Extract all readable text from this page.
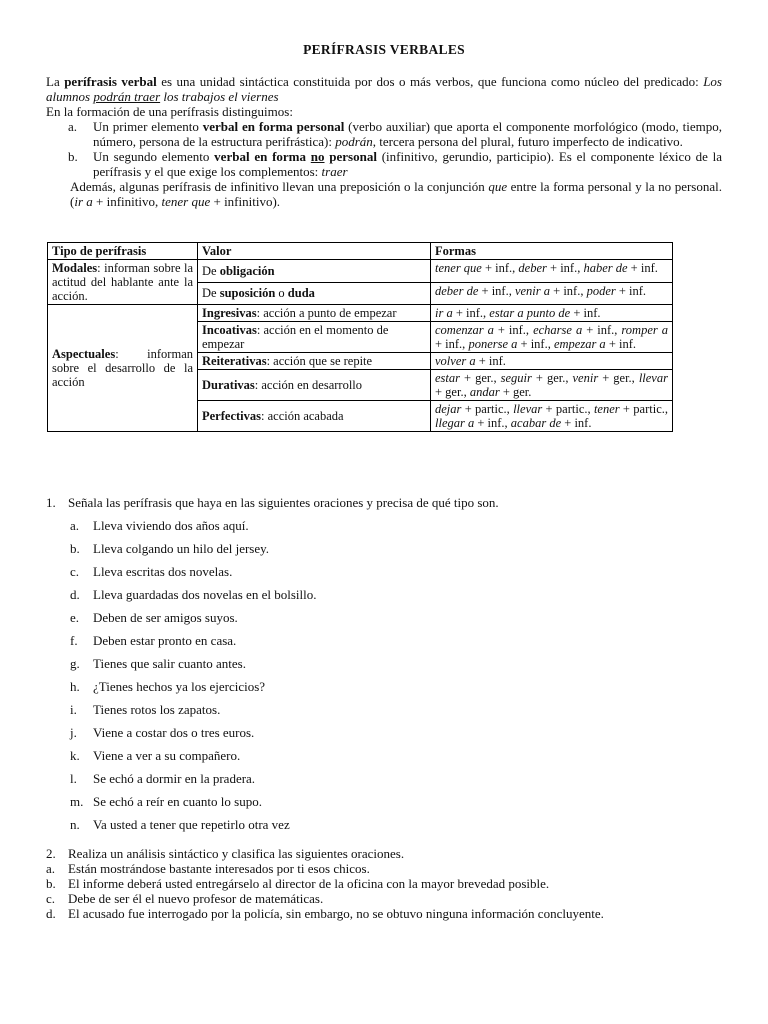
PERÍFRASIS VERBALES
La perífrasis verbal es una unidad sintáctica constituida por dos o más verbos, que funciona como núcleo del predicado: Los alumnos podrán traer los trabajos el viernes
En la formación de una perífrasis distinguimos:
a.	Un primer elemento verbal en forma personal (verbo auxiliar) que aporta el componente morfológico (modo, tiempo, número, persona de la estructura perifrástica): podrán, tercera persona del plural, futuro imperfecto de indicativo.
b.	Un segundo elemento verbal en forma no personal (infinitivo, gerundio, participio). Es el componente léxico de la perífrasis y el que exige los complementos: traer
Además, algunas perífrasis de infinitivo llevan una preposición o la conjunción que entre la forma personal y la no personal. (ir a + infinitivo, tener que + infinitivo).
Tipo de perífrasis	Valor	Formas
Modales: informan sobre la actitud del hablante ante la acción.	De obligación	tener que + inf., deber + inf., haber de + inf.
	De suposición o duda	deber de + inf., venir a + inf., poder + inf.
Aspectuales: informan sobre el desarrollo de la acción	Ingresivas: acción a punto de empezar	ir a + inf., estar a punto de + inf.
	Incoativas: acción en el momento de empezar	comenzar a + inf., echarse a + inf., romper a + inf., ponerse a + inf., empezar a + inf.
	Reiterativas: acción que se repite	volver a + inf.
	Durativas: acción en desarrollo	estar + ger., seguir + ger., venir + ger., llevar + ger., andar + ger.
	Perfectivas: acción acabada	dejar + partic., llevar + partic., tener + partic., llegar a + inf., acabar de + inf.
1. Señala las perífrasis que haya en las siguientes oraciones y precisa de qué tipo son.
a.	Lleva viviendo dos años aquí.
b.	Lleva colgando un hilo del jersey.
c.	Lleva escritas dos novelas.
d.	Lleva guardadas dos novelas en el bolsillo.
e.	Deben de ser amigos suyos.
f.	Deben estar pronto en casa.
g.	Tienes que salir cuanto antes.
h.	¿Tienes hechos ya los ejercicios?
i.	Tienes rotos los zapatos.
j.	Viene a costar dos o tres euros.
k.	Viene a ver a su compañero.
l.	Se echó a dormir en la pradera.
m. Se echó a reír en cuanto lo supo.
n.	Va usted a tener que repetirlo otra vez
2. Realiza un análisis sintáctico y clasifica las siguientes oraciones.
a. Están mostrándose bastante interesados por ti esos chicos.
b. El informe deberá usted entregárselo al director de la oficina con la mayor brevedad posible.
c. Debe de ser él el nuevo profesor de matemáticas.
d. El acusado fue interrogado por la policía, sin embargo, no se obtuvo ninguna información concluyente.
